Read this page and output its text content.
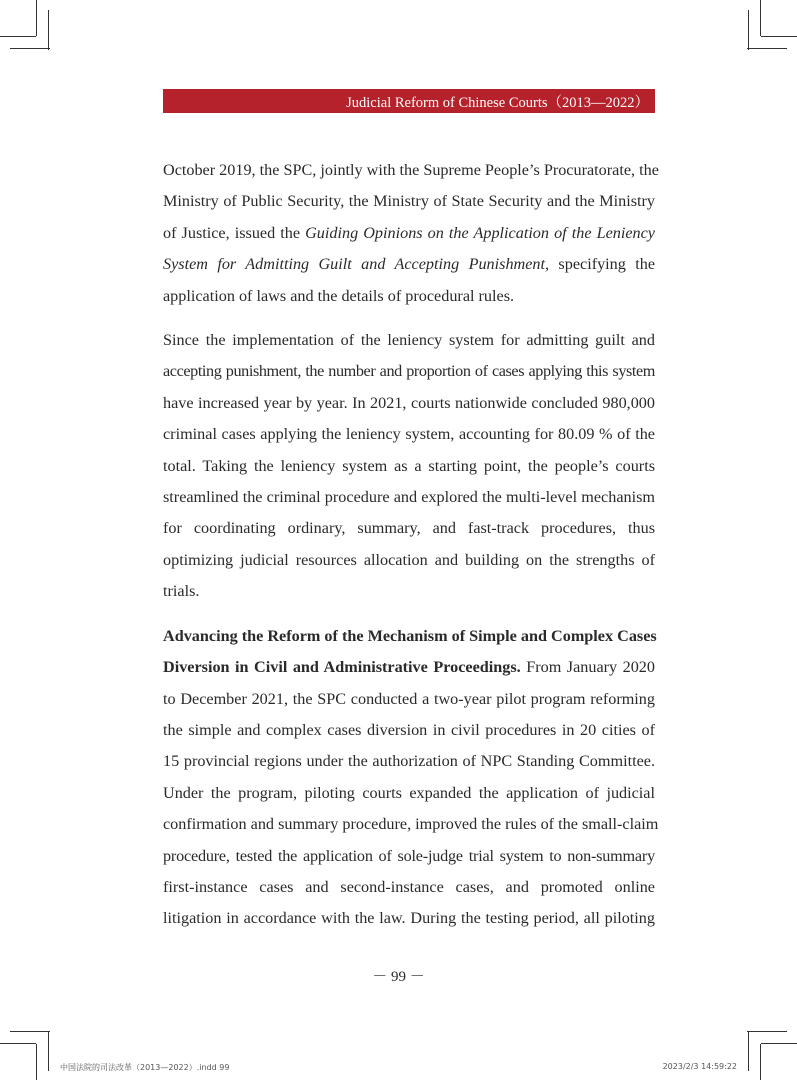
Judicial Reform of Chinese Courts（2013—2022）

October 2019, the SPC, jointly with the Supreme People’s Procuratorate, the
Ministry of Public Security, the Ministry of State Security and the Ministry
of Justice, issued the Guiding Opinions on the Application of the Leniency
System for Admitting Guilt and Accepting Punishment, specifying the
application of laws and the details of procedural rules.

Since the implementation of the leniency system for admitting guilt and
accepting punishment, the number and proportion of cases applying this system
have increased year by year. In 2021, courts nationwide concluded 980,000
criminal cases applying the leniency system, accounting for 80.09 % of the
total. Taking the leniency system as a starting point, the people’s courts
streamlined the criminal procedure and explored the multi-level mechanism
for coordinating ordinary, summary, and fast-track procedures, thus
optimizing judicial resources allocation and building on the strengths of
trials.

Advancing the Reform of the Mechanism of Simple and Complex Cases
Diversion in Civil and Administrative Proceedings. From January 2020
to December 2021, the SPC conducted a two-year pilot program reforming
the simple and complex cases diversion in civil procedures in 20 cities of
15 provincial regions under the authorization of NPC Standing Committee.
Under the program, piloting courts expanded the application of judicial
confirmation and summary procedure, improved the rules of the small-claim
procedure, tested the application of sole-judge trial system to non-summary
first-instance cases and second-instance cases, and promoted online
litigation in accordance with the law. During the testing period, all piloting

－ 99 －
中国法院的司法改革（2013—2022）.indd 99	2023/2/3 14:59:22
